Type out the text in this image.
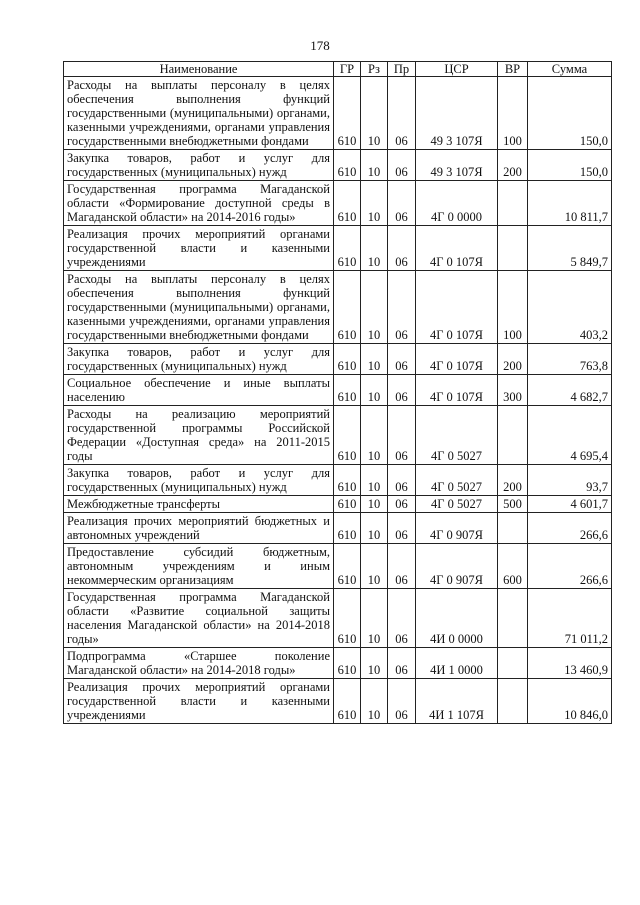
178
Наименование	ГР	Рз	Пр	ЦСР	ВР	Сумма
Расходы на выплаты персоналу в целях обеспечения выполнения функций государственными (муниципальными) органами, казенными учреждениями, органами управления государственными внебюджетными фондами	610	10	06	49 3 107Я	100	150,0
Закупка товаров, работ и услуг для государственных (муниципальных) нужд	610	10	06	49 3 107Я	200	150,0
Государственная программа Магаданской области «Формирование доступной среды в Магаданской области» на 2014-2016 годы»	610	10	06	4Г 0 0000		10 811,7
Реализация прочих мероприятий органами государственной власти и казенными учреждениями	610	10	06	4Г 0 107Я		5 849,7
Расходы на выплаты персоналу в целях обеспечения выполнения функций государственными (муниципальными) органами, казенными учреждениями, органами управления государственными внебюджетными фондами	610	10	06	4Г 0 107Я	100	403,2
Закупка товаров, работ и услуг для государственных (муниципальных) нужд	610	10	06	4Г 0 107Я	200	763,8
Социальное обеспечение и иные выплаты населению	610	10	06	4Г 0 107Я	300	4 682,7
Расходы на реализацию мероприятий государственной программы Российской Федерации «Доступная среда» на 2011-2015 годы	610	10	06	4Г 0 5027		4 695,4
Закупка товаров, работ и услуг для государственных (муниципальных) нужд	610	10	06	4Г 0 5027	200	93,7
Межбюджетные трансферты	610	10	06	4Г 0 5027	500	4 601,7
Реализация прочих мероприятий бюджетных и автономных учреждений	610	10	06	4Г 0 907Я		266,6
Предоставление субсидий бюджетным, автономным учреждениям и иным некоммерческим организациям	610	10	06	4Г 0 907Я	600	266,6
Государственная программа Магаданской области «Развитие социальной защиты населения Магаданской области» на 2014-2018 годы»	610	10	06	4И 0 0000		71 011,2
Подпрограмма «Старшее поколение Магаданской области» на 2014-2018 годы»	610	10	06	4И 1 0000		13 460,9
Реализация прочих мероприятий органами государственной власти и казенными учреждениями	610	10	06	4И 1 107Я		10 846,0
